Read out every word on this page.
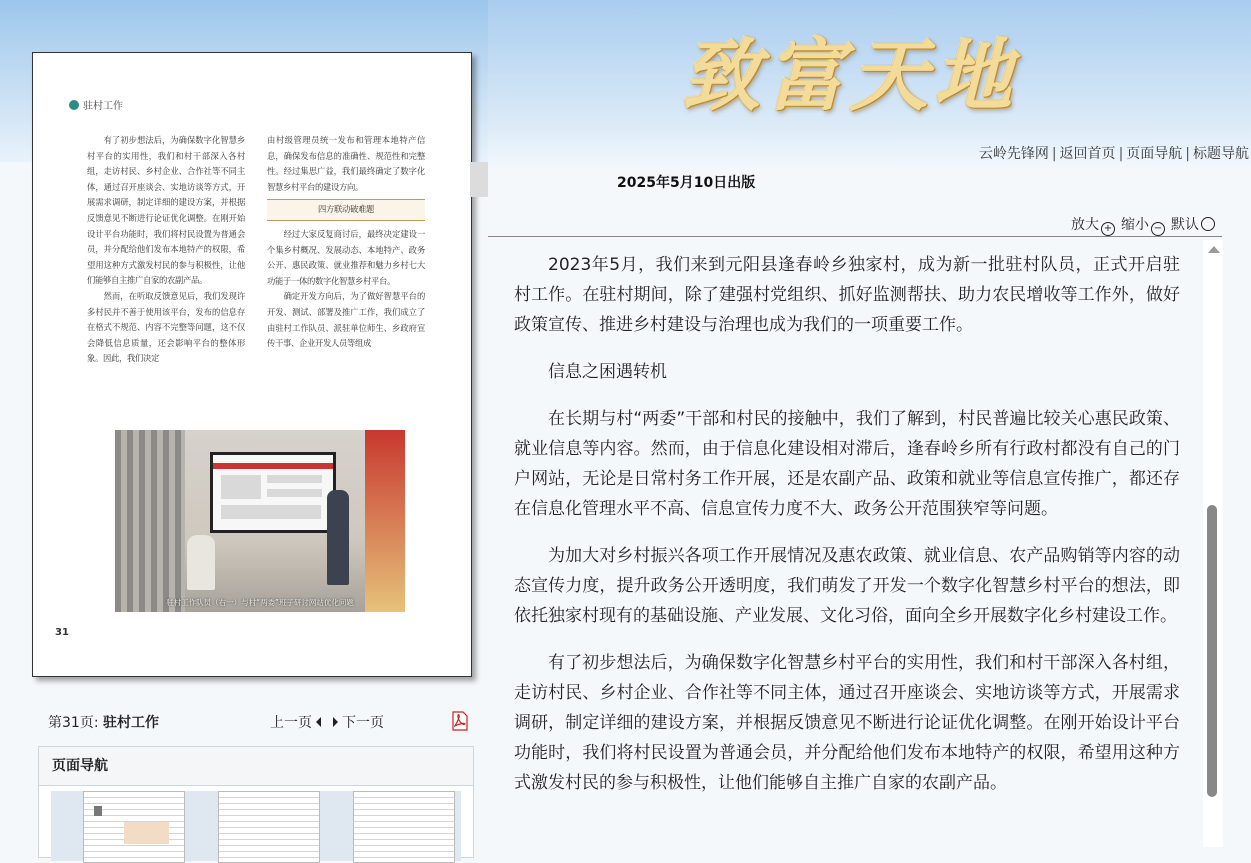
致富天地
云岭先锋网 | 返回首页 | 页面导航 | 标题导航
驻村工作

有了初步想法后，为确保数字化智慧乡村平台的实用性，我们和村干部深入各村组，走访村民、乡村企业、合作社等不同主体，通过召开座谈会、实地访谈等方式，开展需求调研，制定详细的建设方案，并根据反馈意见不断进行论证优化调整。在刚开始设计平台功能时，我们将村民设置为普通会员，并分配给他们发布本地特产的权限，希望用这种方式激发村民的参与积极性，让他们能够自主推广自家的农副产品。

然而，在听取反馈意见后，我们发现许多村民并不善于使用该平台，发布的信息存在格式不规范、内容不完整等问题，这不仅会降低信息质量，还会影响平台的整体形象。因此，我们决定

由村级管理员统一发布和管理本地特产信息，确保发布信息的准确性、规范性和完整性。经过集思广益，我们最终确定了数字化智慧乡村平台的建设方向。

四方联动破难题

经过大家反复商讨后，最终决定建设一个集乡村概况、发展动态、本地特产、政务公开、惠民政策、就业推荐和魅力乡村七大功能于一体的数字化智慧乡村平台。

确定开发方向后，为了做好智慧平台的开发、测试、部署及推广工作，我们成立了由驻村工作队员、派驻单位师生、乡政府宣传干事、企业开发人员等组成

驻村工作队员（右一）与村“两委”班子研讨网站优化问题
31
第31页: 驻村工作	上一页 下一页
页面导航
2025年5月10日出版
放大 + 缩小 − 默认

2023年5月，我们来到元阳县逢春岭乡独家村，成为新一批驻村队员，正式开启驻村工作。在驻村期间，除了建强村党组织、抓好监测帮扶、助力农民增收等工作外，做好政策宣传、推进乡村建设与治理也成为我们的一项重要工作。

信息之困遇转机

在长期与村“两委”干部和村民的接触中，我们了解到，村民普遍比较关心惠民政策、就业信息等内容。然而，由于信息化建设相对滞后，逢春岭乡所有行政村都没有自己的门户网站，无论是日常村务工作开展，还是农副产品、政策和就业等信息宣传推广，都还存在信息化管理水平不高、信息宣传力度不大、政务公开范围狭窄等问题。

为加大对乡村振兴各项工作开展情况及惠农政策、就业信息、农产品购销等内容的动态宣传力度，提升政务公开透明度，我们萌发了开发一个数字化智慧乡村平台的想法，即依托独家村现有的基础设施、产业发展、文化习俗，面向全乡开展数字化乡村建设工作。

有了初步想法后，为确保数字化智慧乡村平台的实用性，我们和村干部深入各村组，走访村民、乡村企业、合作社等不同主体，通过召开座谈会、实地访谈等方式，开展需求调研，制定详细的建设方案，并根据反馈意见不断进行论证优化调整。在刚开始设计平台功能时，我们将村民设置为普通会员，并分配给他们发布本地特产的权限，希望用这种方式激发村民的参与积极性，让他们能够自主推广自家的农副产品。
